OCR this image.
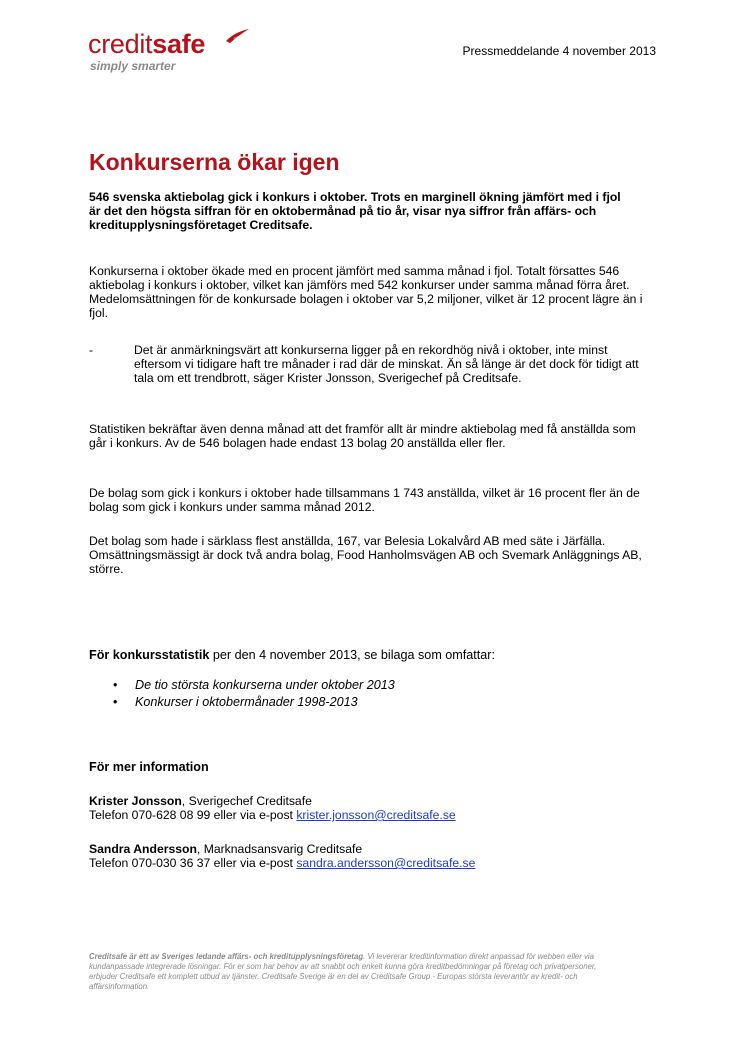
creditsafe
simply smarter
Pressmeddelande 4 november 2013
Konkurserna ökar igen

546 svenska aktiebolag gick i konkurs i oktober. Trots en marginell ökning jämfört med i fjol är det den högsta siffran för en oktobermånad på tio år, visar nya siffror från affärs- och kreditupplysningsföretaget Creditsafe.

Konkurserna i oktober ökade med en procent jämfört med samma månad i fjol. Totalt försattes 546 aktiebolag i konkurs i oktober, vilket kan jämförs med 542 konkurser under samma månad förra året. Medelomsättningen för de konkursade bolagen i oktober var 5,2 miljoner, vilket är 12 procent lägre än i fjol.

-	Det är anmärkningsvärt att konkurserna ligger på en rekordhög nivå i oktober, inte minst eftersom vi tidigare haft tre månader i rad där de minskat. Än så länge är det dock för tidigt att tala om ett trendbrott, säger Krister Jonsson, Sverigechef på Creditsafe.

Statistiken bekräftar även denna månad att det framför allt är mindre aktiebolag med få anställda som går i konkurs. Av de 546 bolagen hade endast 13 bolag 20 anställda eller fler.

De bolag som gick i konkurs i oktober hade tillsammans 1 743 anställda, vilket är 16 procent fler än de bolag som gick i konkurs under samma månad 2012.

Det bolag som hade i särklass flest anställda, 167, var Belesia Lokalvård AB med säte i Järfälla. Omsättningsmässigt är dock två andra bolag, Food Hanholmsvägen AB och Svemark Anläggnings AB, större.

För konkursstatistik per den 4 november 2013, se bilaga som omfattar:
• De tio största konkurserna under oktober 2013
• Konkurser i oktobermånader 1998-2013
För mer information
Krister Jonsson, Sverigechef Creditsafe
Telefon 070-628 08 99 eller via e-post krister.jonsson@creditsafe.se
Sandra Andersson, Marknadsansvarig Creditsafe
Telefon 070-030 36 37 eller via e-post sandra.andersson@creditsafe.se

Creditsafe är ett av Sveriges ledande affärs- och kreditupplysningsföretag. Vi levererar kreditinformation direkt anpassad för webben eller via kundanpassade integrerade lösningar. För er som har behov av att snabbt och enkelt kunna göra kreditbedömningar på företag och privatpersoner, erbjuder Creditsafe ett komplett utbud av tjänster. Creditsafe Sverige är en del av Creditsafe Group - Europas största leverantör av kredit- och affärsinformation.
